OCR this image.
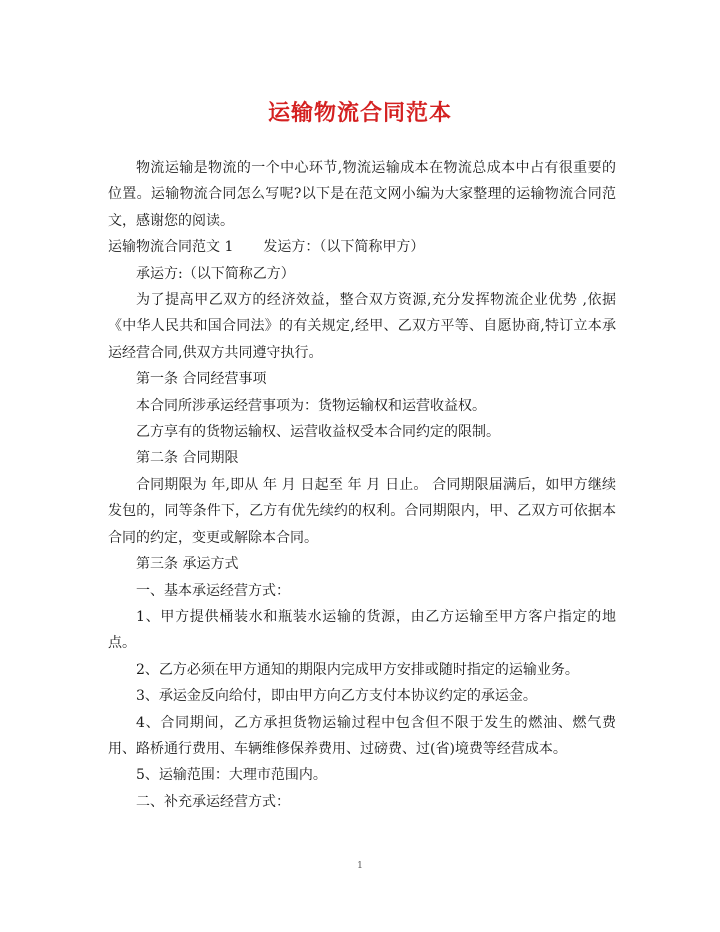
运输物流合同范本

物流运输是物流的一个中心环节,物流运输成本在物流总成本中占有很重要的位置。运输物流合同怎么写呢?以下是在范文网小编为大家整理的运输物流合同范文，感谢您的阅读。

运输物流合同范文 1 发运方：（以下简称甲方）

承运方:（以下简称乙方）

为了提高甲乙双方的经济效益，整合双方资源,充分发挥物流企业优势 ,依据《中华人民共和国合同法》的有关规定,经甲、乙双方平等、自愿协商,特订立本承运经营合同,供双方共同遵守执行。

第一条 合同经营事项

本合同所涉承运经营事项为：货物运输权和运营收益权。

乙方享有的货物运输权、运营收益权受本合同约定的限制。

第二条 合同期限

合同期限为 年,即从 年 月 日起至 年 月 日止。 合同期限届满后，如甲方继续发包的，同等条件下，乙方有优先续约的权利。合同期限内，甲、乙双方可依据本合同的约定，变更或解除本合同。

第三条 承运方式

一、基本承运经营方式：

1、甲方提供桶装水和瓶装水运输的货源，由乙方运输至甲方客户指定的地点。

2、乙方必须在甲方通知的期限内完成甲方安排或随时指定的运输业务。

3、承运金反向给付，即由甲方向乙方支付本协议约定的承运金。

4、合同期间，乙方承担货物运输过程中包含但不限于发生的燃油、燃气费用、路桥通行费用、车辆维修保养费用、过磅费、过(省)境费等经营成本。

5、运输范围：大理市范围内。

二、补充承运经营方式：

1
